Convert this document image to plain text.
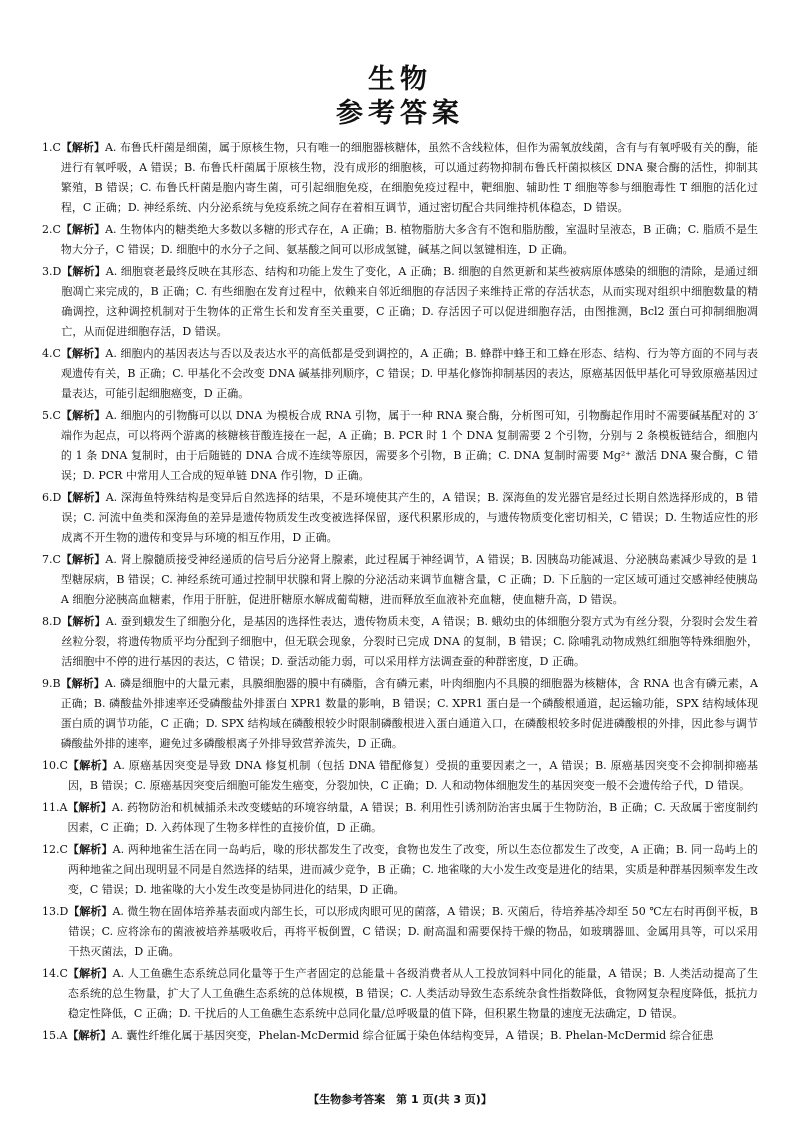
生物
参考答案
1.C 【解析】A. 布鲁氏杆菌是细菌，属于原核生物，只有唯一的细胞器核糖体，虽然不含线粒体，但作为需氧放线菌，含有与有氧呼吸有关的酶，能进行有氧呼吸，A 错误；B. 布鲁氏杆菌属于原核生物，没有成形的细胞核，可以通过药物抑制布鲁氏杆菌拟核区 DNA 聚合酶的活性，抑制其繁殖，B 错误；C. 布鲁氏杆菌是胞内寄生菌，可引起细胞免疫，在细胞免疫过程中，靶细胞、辅助性 T 细胞等参与细胞毒性 T 细胞的活化过程，C 正确；D. 神经系统、内分泌系统与免疫系统之间存在着相互调节，通过密切配合共同维持机体稳态，D 错误。
2.C 【解析】A. 生物体内的糖类绝大多数以多糖的形式存在，A 正确；B. 植物脂肪大多含有不饱和脂肪酸，室温时呈液态，B 正确；C. 脂质不是生物大分子，C 错误；D. 细胞中的水分子之间、氨基酸之间可以形成氢键，碱基之间以氢键相连，D 正确。
3.D 【解析】A. 细胞衰老最终反映在其形态、结构和功能上发生了变化，A 正确；B. 细胞的自然更新和某些被病原体感染的细胞的清除，是通过细胞凋亡来完成的，B 正确；C. 有些细胞在发育过程中，依赖来自邻近细胞的存活因子来维持正常的存活状态，从而实现对组织中细胞数量的精确调控，这种调控机制对于生物体的正常生长和发育至关重要，C 正确；D. 存活因子可以促进细胞存活，由图推测，Bcl2 蛋白可抑制细胞凋亡，从而促进细胞存活，D 错误。
4.C 【解析】A. 细胞内的基因表达与否以及表达水平的高低都是受到调控的，A 正确；B. 蜂群中蜂王和工蜂在形态、结构、行为等方面的不同与表观遗传有关，B 正确；C. 甲基化不会改变 DNA 碱基排列顺序，C 错误；D. 甲基化修饰抑制基因的表达，原癌基因低甲基化可导致原癌基因过量表达，可能引起细胞癌变，D 正确。
5.C 【解析】A. 细胞内的引物酶可以以 DNA 为模板合成 RNA 引物，属于一种 RNA 聚合酶，分析图可知，引物酶起作用时不需要碱基配对的 3′端作为起点，可以将两个游离的核糖核苷酸连接在一起，A 正确；B. PCR 时 1 个 DNA 复制需要 2 个引物，分别与 2 条模板链结合，细胞内的 1 条 DNA 复制时，由于后随链的 DNA 合成不连续等原因，需要多个引物，B 正确；C. DNA 复制时需要 Mg²⁺ 激活 DNA 聚合酶，C 错误；D. PCR 中常用人工合成的短单链 DNA 作引物，D 正确。
6.D 【解析】A. 深海鱼特殊结构是变异后自然选择的结果，不是环境使其产生的，A 错误；B. 深海鱼的发光器官是经过长期自然选择形成的，B 错误；C. 河流中鱼类和深海鱼的差异是遗传物质发生改变被选择保留，逐代积累形成的，与遗传物质变化密切相关，C 错误；D. 生物适应性的形成离不开生物的遗传和变异与环境的相互作用，D 正确。
7.C 【解析】A. 肾上腺髓质接受神经递质的信号后分泌肾上腺素，此过程属于神经调节，A 错误；B. 因胰岛功能减退、分泌胰岛素减少导致的是 1 型糖尿病，B 错误；C. 神经系统可通过控制甲状腺和肾上腺的分泌活动来调节血糖含量，C 正确；D. 下丘脑的一定区域可通过交感神经使胰岛 A 细胞分泌胰高血糖素，作用于肝脏，促进肝糖原水解成葡萄糖，进而释放至血液补充血糖，使血糖升高，D 错误。
8.D 【解析】A. 蚕到蛾发生了细胞分化，是基因的选择性表达，遗传物质未变，A 错误；B. 蛾幼虫的体细胞分裂方式为有丝分裂，分裂时会发生着丝粒分裂，将遗传物质平均分配到子细胞中，但无联会现象，分裂时已完成 DNA 的复制，B 错误；C. 除哺乳动物成熟红细胞等特殊细胞外，活细胞中不停的进行基因的表达，C 错误；D. 蚕活动能力弱，可以采用样方法调查蚕的种群密度，D 正确。
9.B 【解析】A. 磷是细胞中的大量元素，具膜细胞器的膜中有磷脂，含有磷元素，叶肉细胞内不具膜的细胞器为核糖体，含 RNA 也含有磷元素，A 正确；B. 磷酸盐外排速率还受磷酸盐外排蛋白 XPR1 数量的影响，B 错误；C. XPR1 蛋白是一个磷酸根通道，起运输功能，SPX 结构域体现蛋白质的调节功能，C 正确；D. SPX 结构域在磷酸根较少时限制磷酸根进入蛋白通道入口，在磷酸根较多时促进磷酸根的外排，因此参与调节磷酸盐外排的速率，避免过多磷酸根离子外排导致营养流失，D 正确。
10.C 【解析】A. 原癌基因突变是导致 DNA 修复机制（包括 DNA 错配修复）受损的重要因素之一，A 错误；B. 原癌基因突变不会抑制抑癌基因，B 错误；C. 原癌基因突变后细胞可能发生癌变，分裂加快，C 正确；D. 人和动物体细胞发生的基因突变一般不会遗传给子代，D 错误。
11.A 【解析】A. 药物防治和机械捕杀未改变蝼蛄的环境容纳量，A 错误；B. 利用性引诱剂防治害虫属于生物防治，B 正确；C. 天敌属于密度制约因素，C 正确；D. 入药体现了生物多样性的直接价值，D 正确。
12.C 【解析】A. 两种地雀生活在同一岛屿后，喙的形状都发生了改变，食物也发生了改变，所以生态位都发生了改变，A 正确；B. 同一岛屿上的两种地雀之间出现明显不同是自然选择的结果，进而减少竞争，B 正确；C. 地雀喙的大小发生改变是进化的结果，实质是种群基因频率发生改变，C 错误；D. 地雀喙的大小发生改变是协同进化的结果，D 正确。
13.D 【解析】A. 微生物在固体培养基表面或内部生长，可以形成肉眼可见的菌落，A 错误；B. 灭菌后，待培养基冷却至 50 ℃左右时再倒平板，B 错误；C. 应将涂布的菌液被培养基吸收后，再将平板倒置，C 错误；D. 耐高温和需要保持干燥的物品，如玻璃器皿、金属用具等，可以采用干热灭菌法，D 正确。
14.C 【解析】A. 人工鱼礁生态系统总同化量等于生产者固定的总能量＋各级消费者从人工投放饲料中同化的能量，A 错误；B. 人类活动提高了生态系统的总生物量，扩大了人工鱼礁生态系统的总体规模，B 错误；C. 人类活动导致生态系统杂食性指数降低，食物网复杂程度降低，抵抗力稳定性降低，C 正确；D. 干扰后的人工鱼礁生态系统中总同化量/总呼吸量的值下降，但积累生物量的速度无法确定，D 错误。
15.A 【解析】A. 囊性纤维化属于基因突变，Phelan-McDermid 综合征属于染色体结构变异，A 错误；B. Phelan-McDermid 综合征患
【生物参考答案　第 1 页(共 3 页)】
